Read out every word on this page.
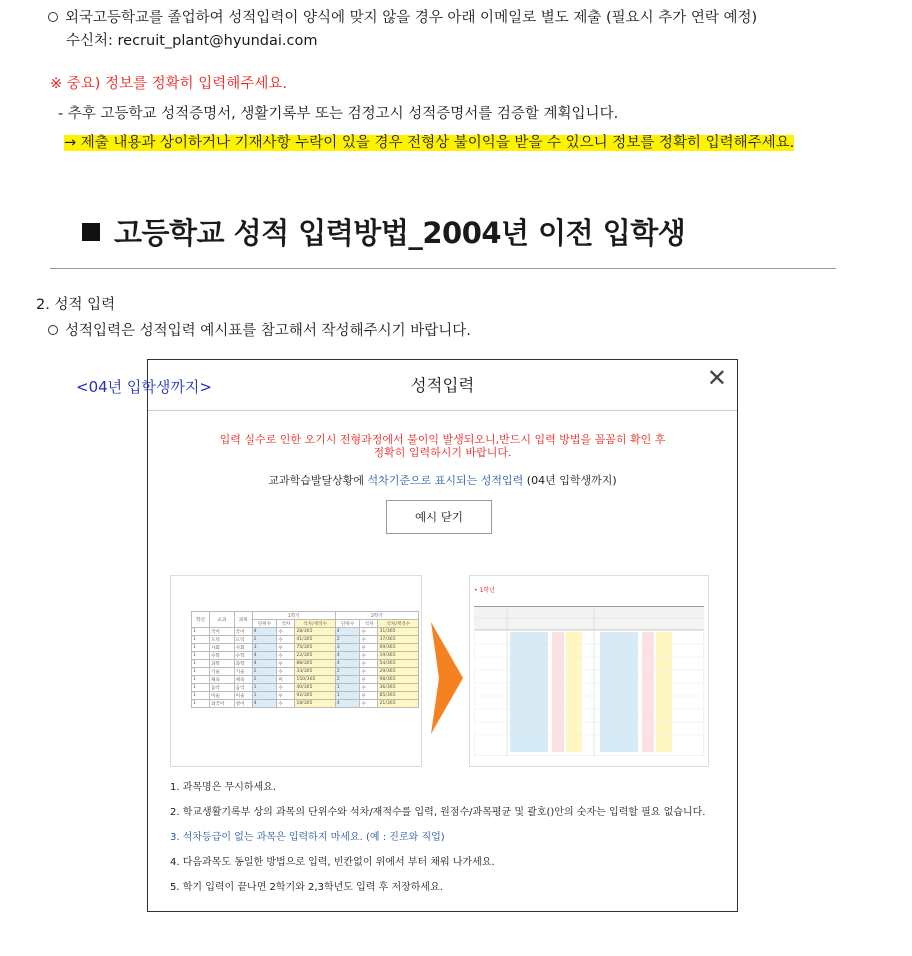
외국고등학교를 졸업하여 성적입력이 양식에 맞지 않을 경우 아래 이메일로 별도 제출 (필요시 추가 연락 예정)
수신처: recruit_plant@hyundai.com
※ 중요) 정보를 정확히 입력해주세요.
- 추후 고등학교 성적증명서, 생활기록부 또는 검정고시 성적증명서를 검증할 계획입니다.
→ 제출 내용과 상이하거나 기재사항 누락이 있을 경우 전형상 불이익을 받을 수 있으니 정보를 정확히 입력해주세요.
고등학교 성적 입력방법_2004년 이전 입학생
2. 성적 입력
성적입력은 성적입력 예시표를 참고해서 작성해주시기 바랍니다.
<04년 입학생까지>	성적입력	✕
입력 실수로 인한 오기시 전형과정에서 불이익 발생되오니,반드시 입력 방법을 꼼꼼히 확인 후
정확히 입력하시기 바랍니다.
교과학습발달상황에 석차기준으로 표시되는 성적입력 (04년 입학생까지)
예시 닫기
학년	교과	과목	1학기			2학기		
			단위수	석차	석차/재적수	단위수	석차	석차/재적수
1	국어	국어	4	수	28/365	4	수	31/365
1	도덕	도덕	2	수	41/365	2	수	37/365
1	사회	사회	3	우	75/365	3	우	69/365
1	수학	수학	4	수	22/365	4	수	19/365
1	과학	과학	4	우	88/365	4	수	54/365
1	기술	기술	2	수	33/365	2	수	29/365
1	체육	체육	2	미	150/365	2	우	98/365
1	음악	음악	1	수	40/365	1	수	36/365
1	미술	미술	1	우	92/365	1	우	85/365
1	외국어	영어	4	수	18/365	4	수	21/365
• 1학년
1. 과목명은 무시하세요.
2. 학교생활기록부 상의 과목의 단위수와 석차/재적수를 입력, 원점수/과목평균 및 괄호()안의 숫자는 입력할 필요 없습니다.
3. 석차등급이 없는 과목은 입력하지 마세요. (예 : 진로와 직업)
4. 다음과목도 동일한 방법으로 입력, 빈칸없이 위에서 부터 채워 나가세요.
5. 학기 입력이 끝나면 2학기와 2,3학년도 입력 후 저장하세요.
